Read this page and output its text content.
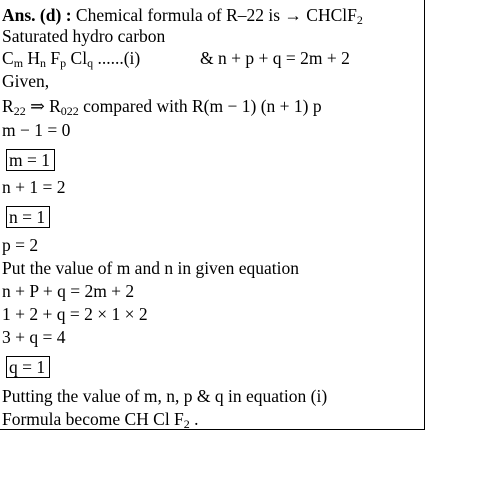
Ans. (d) : Chemical formula of R–22 is → CHClF$_2$
Saturated hydro carbon
$C_m$ $H_n$ $F_p$ $Cl_q$ ......(i)	& n + p + q = 2m + 2
Given,
$R_{22}$ ⇒ $R_{022}$ compared with R(m − 1) (n + 1) p
m − 1 = 0
m = 1
n + 1 = 2
n = 1
p = 2
Put the value of m and n in given equation
n + P + q = 2m + 2
1 + 2 + q = 2 × 1 × 2
3 + q = 4
q = 1
Putting the value of m, n, p & q in equation (i)
Formula become CH Cl $F_2$ .
